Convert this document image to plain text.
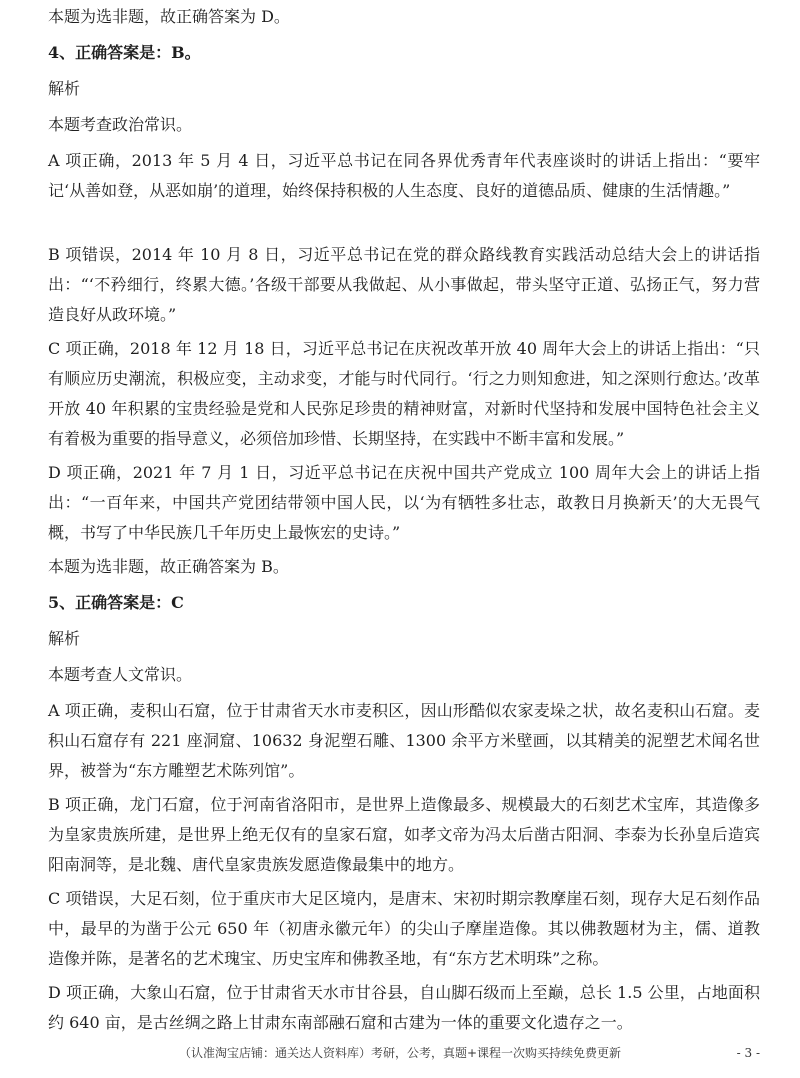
本题为选非题，故正确答案为 D。
4、正确答案是：B。
解析
本题考查政治常识。
A 项正确，2013 年 5 月 4 日，习近平总书记在同各界优秀青年代表座谈时的讲话上指出：“要牢记‘从善如登，从恶如崩’的道理，始终保持积极的人生态度、良好的道德品质、健康的生活情趣。”
B 项错误，2014 年 10 月 8 日，习近平总书记在党的群众路线教育实践活动总结大会上的讲话指出：“‘不矜细行，终累大德。’各级干部要从我做起、从小事做起，带头坚守正道、弘扬正气，努力营造良好从政环境。”
C 项正确，2018 年 12 月 18 日，习近平总书记在庆祝改革开放 40 周年大会上的讲话上指出：“只有顺应历史潮流，积极应变，主动求变，才能与时代同行。‘行之力则知愈进，知之深则行愈达。’改革开放 40 年积累的宝贵经验是党和人民弥足珍贵的精神财富，对新时代坚持和发展中国特色社会主义有着极为重要的指导意义，必须倍加珍惜、长期坚持，在实践中不断丰富和发展。”
D 项正确，2021 年 7 月 1 日，习近平总书记在庆祝中国共产党成立 100 周年大会上的讲话上指出：“一百年来，中国共产党团结带领中国人民，以‘为有牺牲多壮志，敢教日月换新天’的大无畏气概，书写了中华民族几千年历史上最恢宏的史诗。”
本题为选非题，故正确答案为 B。
5、正确答案是：C
解析
本题考查人文常识。
A 项正确，麦积山石窟，位于甘肃省天水市麦积区，因山形酷似农家麦垛之状，故名麦积山石窟。麦积山石窟存有 221 座洞窟、10632 身泥塑石雕、1300 余平方米壁画，以其精美的泥塑艺术闻名世界，被誉为“东方雕塑艺术陈列馆”。
B 项正确，龙门石窟，位于河南省洛阳市，是世界上造像最多、规模最大的石刻艺术宝库，其造像多为皇家贵族所建，是世界上绝无仅有的皇家石窟，如孝文帝为冯太后凿古阳洞、李泰为长孙皇后造宾阳南洞等，是北魏、唐代皇家贵族发愿造像最集中的地方。
C 项错误，大足石刻，位于重庆市大足区境内，是唐末、宋初时期宗教摩崖石刻，现存大足石刻作品中，最早的为凿于公元 650 年（初唐永徽元年）的尖山子摩崖造像。其以佛教题材为主，儒、道教造像并陈，是著名的艺术瑰宝、历史宝库和佛教圣地，有“东方艺术明珠”之称。
D 项正确，大象山石窟，位于甘肃省天水市甘谷县，自山脚石级而上至巅，总长 1.5 公里，占地面积约 640 亩，是古丝绸之路上甘肃东南部融石窟和古建为一体的重要文化遗存之一。
（认准淘宝店铺：通关达人资料库）考研，公考，真题+课程一次购买持续免费更新	- 3 -
